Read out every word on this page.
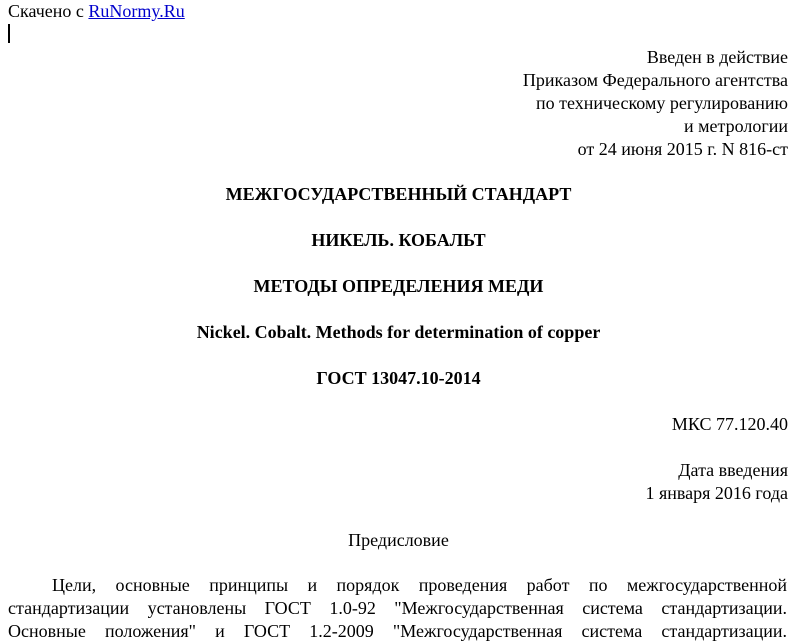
Скачено с RuNormy.Ru
Введен в действие
Приказом Федерального агентства
по техническому регулированию
и метрологии
от 24 июня 2015 г. N 816-ст
МЕЖГОСУДАРСТВЕННЫЙ СТАНДАРТ
НИКЕЛЬ. КОБАЛЬТ
МЕТОДЫ ОПРЕДЕЛЕНИЯ МЕДИ
Nickel. Cobalt. Methods for determination of copper
ГОСТ 13047.10-2014
МКС 77.120.40
Дата введения
1 января 2016 года
Предисловие
Цели, основные принципы и порядок проведения работ по межгосударственной
стандартизации установлены ГОСТ 1.0-92 "Межгосударственная система стандартизации.
Основные положения" и ГОСТ 1.2-2009 "Межгосударственная система стандартизации.
